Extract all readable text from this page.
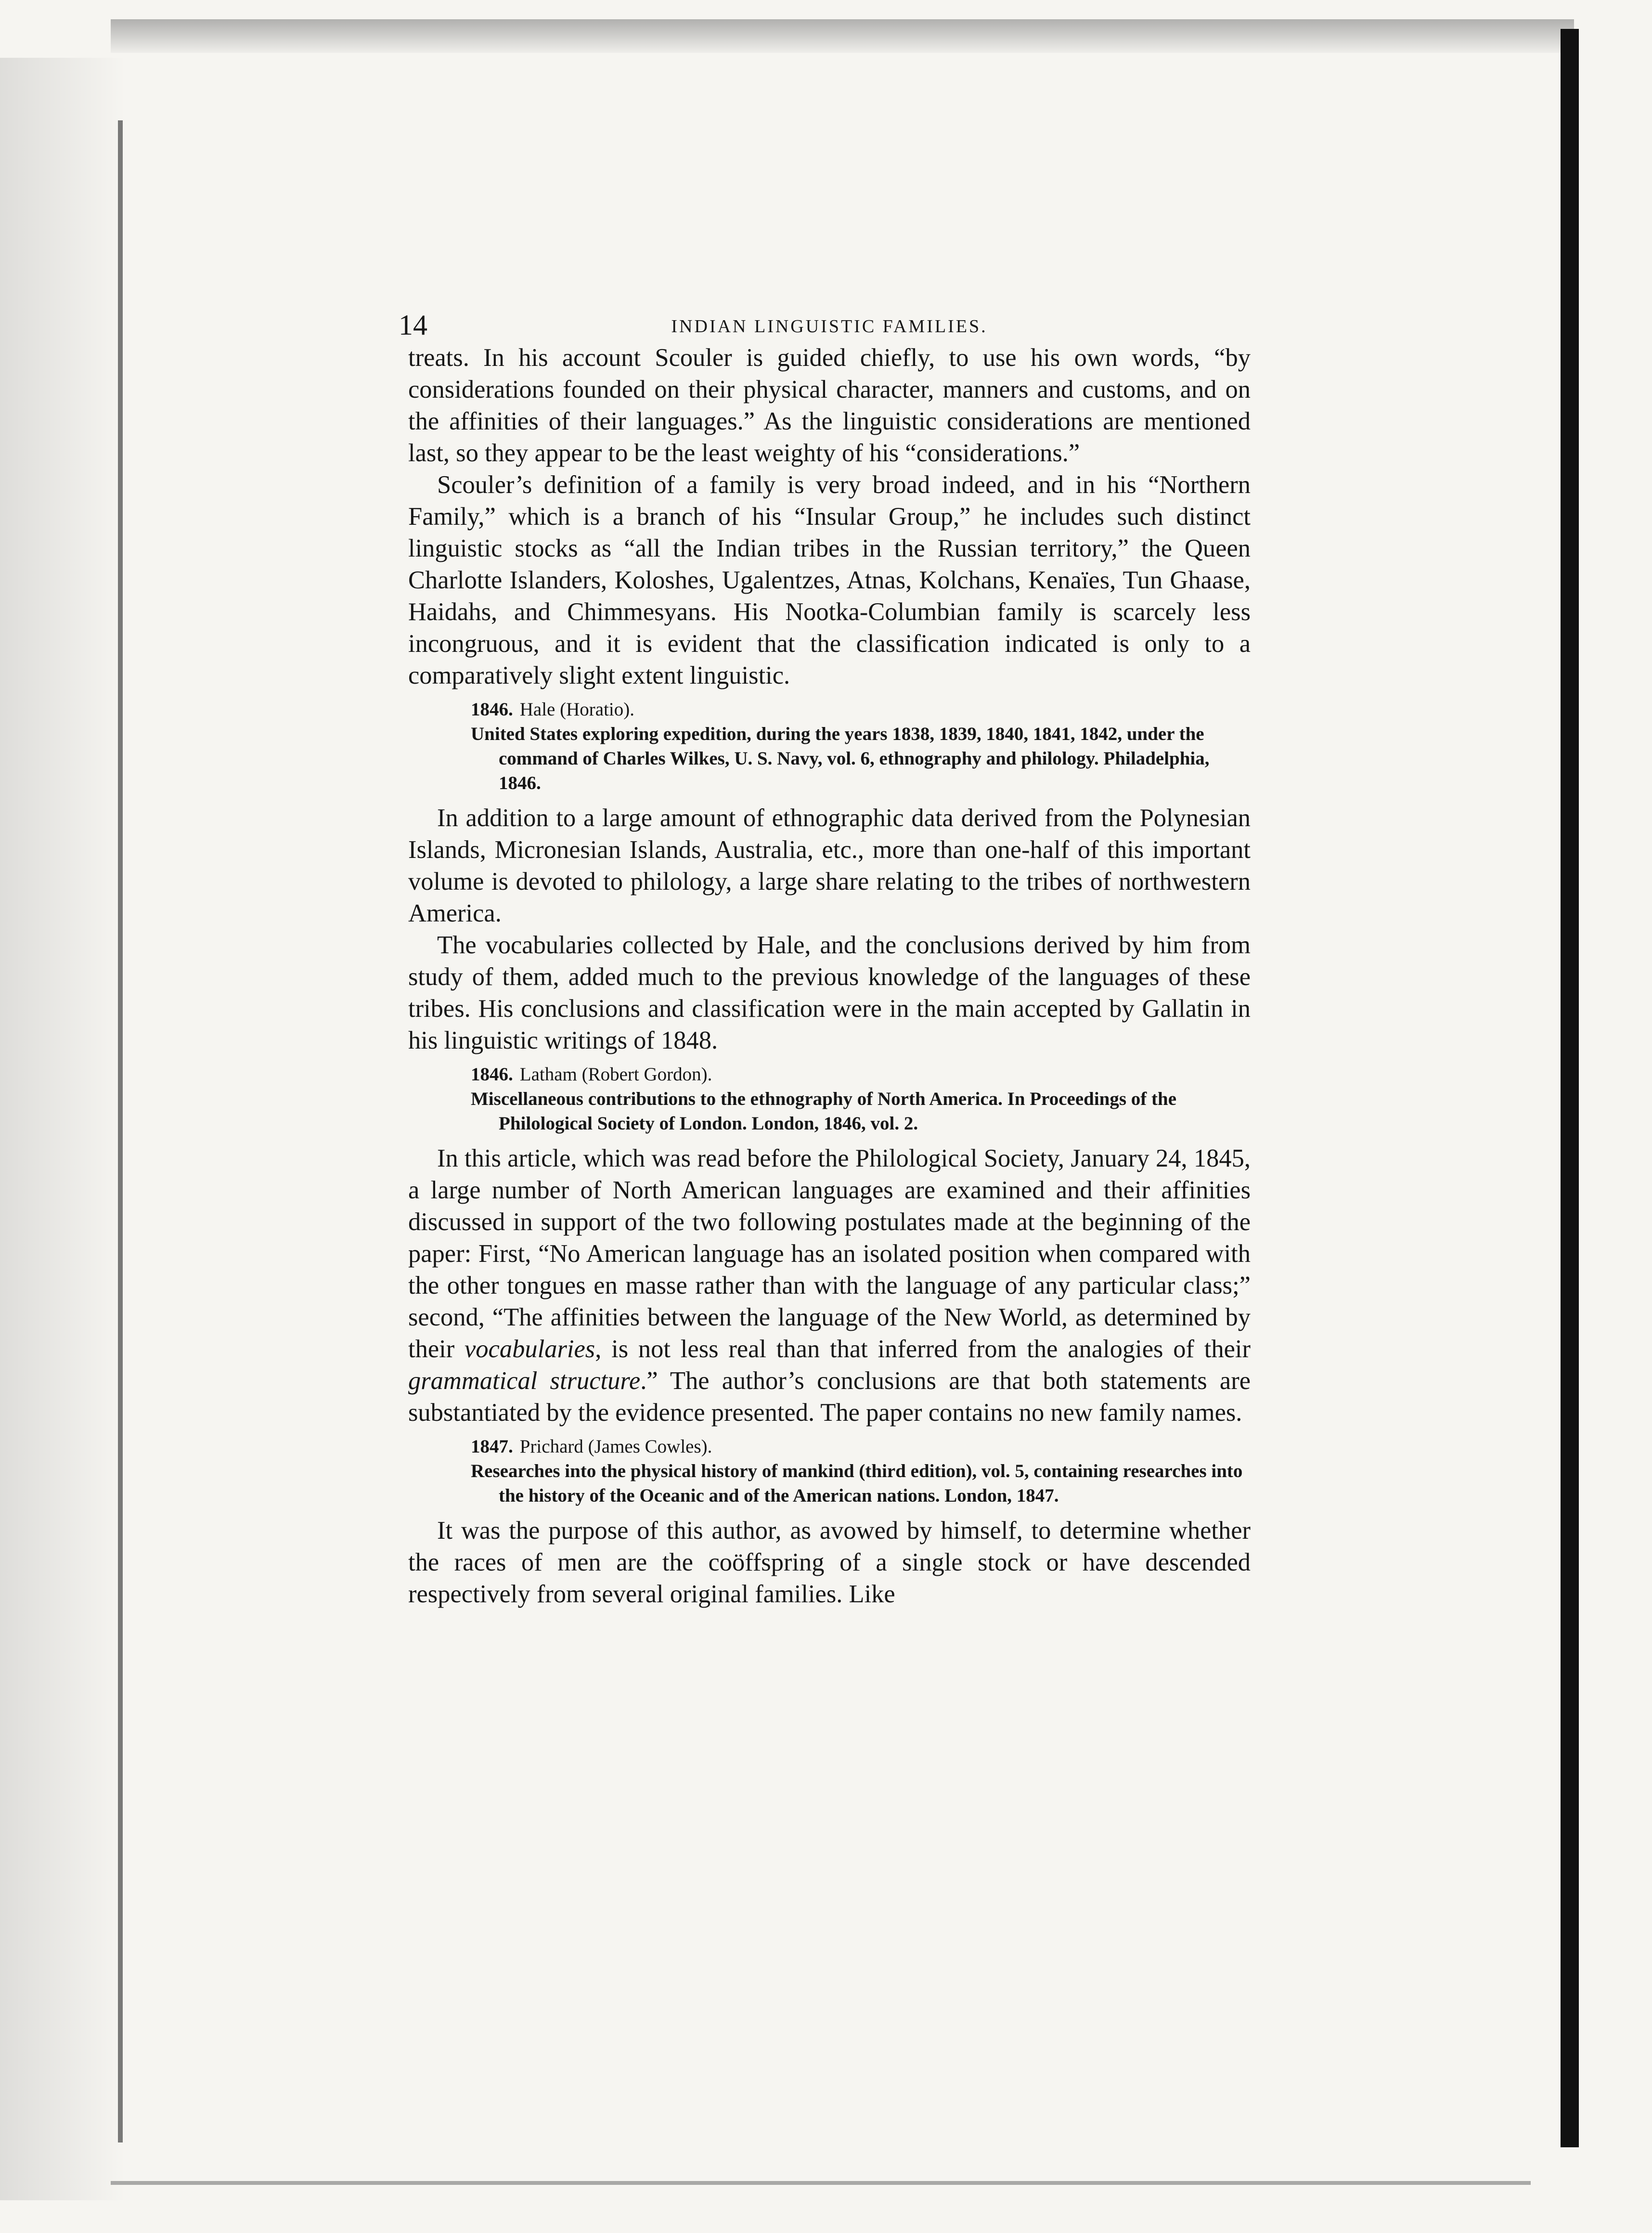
14	INDIAN LINGUISTIC FAMILIES.

treats. In his account Scouler is guided chiefly, to use his own words, “by considerations founded on their physical character, manners and customs, and on the affinities of their languages.” As the linguistic considerations are mentioned last, so they appear to be the least weighty of his “considerations.”

Scouler’s definition of a family is very broad indeed, and in his “Northern Family,” which is a branch of his “Insular Group,” he includes such distinct linguistic stocks as “all the Indian tribes in the Russian territory,” the Queen Charlotte Islanders, Koloshes, Ugalentzes, Atnas, Kolchans, Kenaïes, Tun Ghaase, Haidahs, and Chimmesyans. His Nootka-Columbian family is scarcely less incongruous, and it is evident that the classification indicated is only to a comparatively slight extent linguistic.

1846. Hale (Horatio).
United States exploring expedition, during the years 1838, 1839, 1840, 1841, 1842, under the command of Charles Wilkes, U. S. Navy, vol. 6, ethnography and philology. Philadelphia, 1846.

In addition to a large amount of ethnographic data derived from the Polynesian Islands, Micronesian Islands, Australia, etc., more than one-half of this important volume is devoted to philology, a large share relating to the tribes of northwestern America.

The vocabularies collected by Hale, and the conclusions derived by him from study of them, added much to the previous knowledge of the languages of these tribes. His conclusions and classification were in the main accepted by Gallatin in his linguistic writings of 1848.

1846. Latham (Robert Gordon).
Miscellaneous contributions to the ethnography of North America. In Proceedings of the Philological Society of London. London, 1846, vol. 2.

In this article, which was read before the Philological Society, January 24, 1845, a large number of North American languages are examined and their affinities discussed in support of the two following postulates made at the beginning of the paper: First, “No American language has an isolated position when compared with the other tongues en masse rather than with the language of any particular class;” second, “The affinities between the language of the New World, as determined by their vocabularies, is not less real than that inferred from the analogies of their grammatical structure.” The author’s conclusions are that both statements are substantiated by the evidence presented. The paper contains no new family names.

1847. Prichard (James Cowles).
Researches into the physical history of mankind (third edition), vol. 5, containing researches into the history of the Oceanic and of the American nations. London, 1847.

It was the purpose of this author, as avowed by himself, to determine whether the races of men are the coöffspring of a single stock or have descended respectively from several original families. Like
